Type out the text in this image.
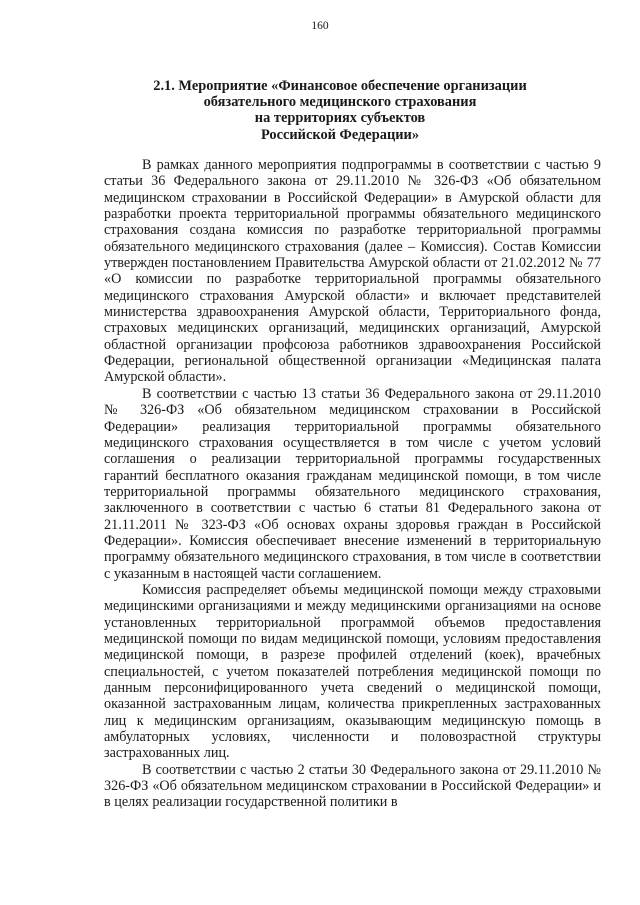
160
2.1. Мероприятие «Финансовое обеспечение организации
обязательного медицинского страхования
на территориях субъектов
Российской Федерации»

В рамках данного мероприятия подпрограммы в соответствии с частью 9 статьи 36 Федерального закона от 29.11.2010 № 326-ФЗ «Об обязательном медицинском страховании в Российской Федерации» в Амурской области для разработки проекта территориальной программы обязательного медицинского страхования создана комиссия по разработке территориальной программы обязательного медицинского страхования (далее – Комиссия). Состав Комиссии утвержден постановлением Правительства Амурской области от 21.02.2012 № 77 «О комиссии по разработке территориальной программы обязательного медицинского страхования Амурской области» и включает представителей министерства здравоохранения Амурской области, Территориального фонда, страховых медицинских организаций, медицинских организаций, Амурской областной организации профсоюза работников здравоохранения Российской Федерации, региональной общественной организации «Медицинская палата Амурской области».

В соответствии с частью 13 статьи 36 Федерального закона от 29.11.2010 № 326-ФЗ «Об обязательном медицинском страховании в Российской Федерации» реализация территориальной программы обязательного медицинского страхования осуществляется в том числе с учетом условий соглашения о реализации территориальной программы государственных гарантий бесплатного оказания гражданам медицинской помощи, в том числе территориальной программы обязательного медицинского страхования, заключенного в соответствии с частью 6 статьи 81 Федерального закона от 21.11.2011 № 323-ФЗ «Об основах охраны здоровья граждан в Российской Федерации». Комиссия обеспечивает внесение изменений в территориальную программу обязательного медицинского страхования, в том числе в соответствии с указанным в настоящей части соглашением.

Комиссия распределяет объемы медицинской помощи между страховыми медицинскими организациями и между медицинскими организациями на основе установленных территориальной программой объемов предоставления медицинской помощи по видам медицинской помощи, условиям предоставления медицинской помощи, в разрезе профилей отделений (коек), врачебных специальностей, с учетом показателей потребления медицинской помощи по данным персонифицированного учета сведений о медицинской помощи, оказанной застрахованным лицам, количества прикрепленных застрахованных лиц к медицинским организациям, оказывающим медицинскую помощь в амбулаторных условиях, численности и половозрастной структуры застрахованных лиц.

В соответствии с частью 2 статьи 30 Федерального закона от 29.11.2010 № 326-ФЗ «Об обязательном медицинском страховании в Российской Федерации» и в целях реализации государственной политики в
